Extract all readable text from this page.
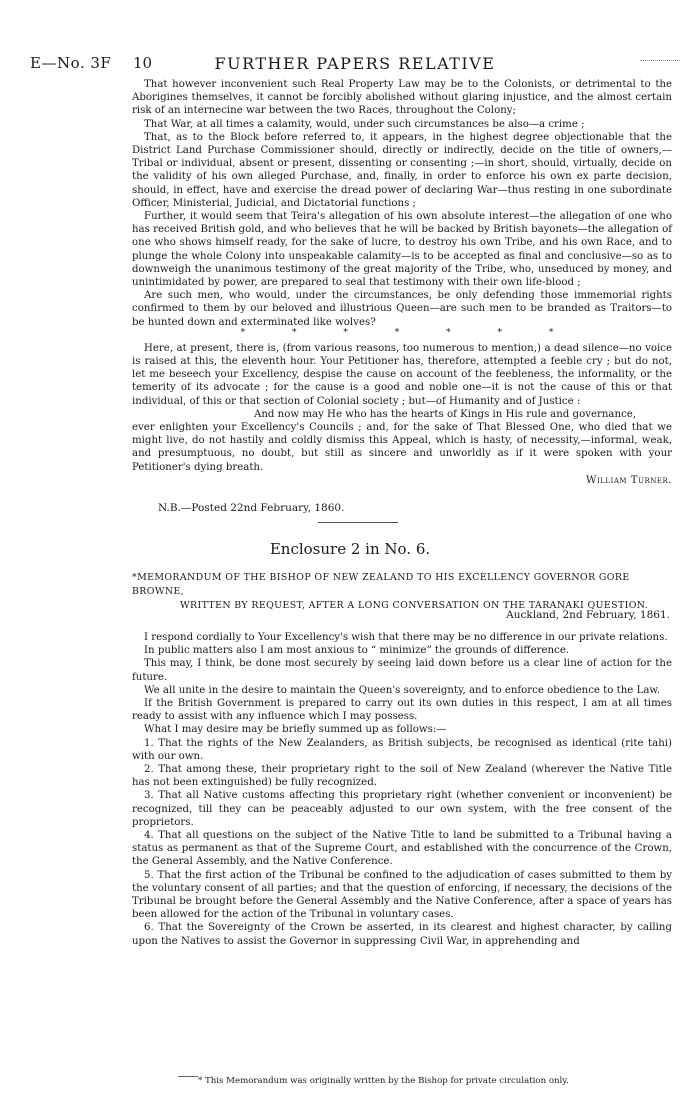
E—No. 3F 10	FURTHER PAPERS RELATIVE

That however inconvenient such Real Property Law may be to the Colonists, or detrimental to the Aborigines themselves, it cannot be forcibly abolished without glaring injustice, and the almost certain risk of an internecine war between the two Races, throughout the Colony;

That War, at all times a calamity, would, under such circumstances be also—a crime ;

That, as to the Block before referred to, it appears, in the highest degree objectionable that the District Land Purchase Commissioner should, directly or indirectly, decide on the title of owners,—Tribal or individual, absent or present, dissenting or consenting ;—in short, should, virtually, decide on the validity of his own alleged Purchase, and, finally, in order to enforce his own ex parte decision, should, in effect, have and exercise the dread power of declaring War—thus resting in one subordinate Officer, Ministerial, Judicial, and Dictatorial functions ;

Further, it would seem that Teira's allegation of his own absolute interest—the allegation of one who has received British gold, and who believes that he will be backed by British bayonets—the allegation of one who shows himself ready, for the sake of lucre, to destroy his own Tribe, and his own Race, and to plunge the whole Colony into unspeakable calamity—is to be accepted as final and conclusive—so as to downweigh the unanimous testimony of the great majority of the Tribe, who, unseduced by money, and unintimidated by power, are prepared to seal that testimony with their own life-blood ;

Are such men, who would, under the circumstances, be only defending those immemorial rights confirmed to them by our beloved and illustrious Queen—are such men to be branded as Traitors—to be hunted down and exterminated like wolves?

* * * * * * *

Here, at present, there is, (from various reasons, too numerous to mention,) a dead silence—no voice is raised at this, the eleventh hour. Your Petitioner has, therefore, attempted a feeble cry ; but do not, let me beseech your Excellency, despise the cause on account of the feebleness, the informality, or the temerity of its advocate ; for the cause is a good and noble one—it is not the cause of this or that individual, of this or that section of Colonial society ; but—of Humanity and of Justice :

And now may He who has the hearts of Kings in His rule and governance,

ever enlighten your Excellency's Councils ; and, for the sake of That Blessed One, who died that we might live, do not hastily and coldly dismiss this Appeal, which is hasty, of necessity,—informal, weak, and presumptuous, no doubt, but still as sincere and unworldly as if it were spoken with your Petitioner's dying breath.

William Turner.

N.B.—Posted 22nd February, 1860.
Enclosure 2 in No. 6.
*MEMORANDUM OF THE BISHOP OF NEW ZEALAND TO HIS EXCELLENCY GOVERNOR GORE BROWNE,
WRITTEN BY REQUEST, AFTER A LONG CONVERSATION ON THE TARANAKI QUESTION.
Auckland, 2nd February, 1861.

I respond cordially to Your Excellency's wish that there may be no difference in our private relations.

In public matters also I am most anxious to “ minimize” the grounds of difference.

This may, I think, be done most securely by seeing laid down before us a clear line of action for the future.

We all unite in the desire to maintain the Queen's sovereignty, and to enforce obedience to the Law.

If the British Government is prepared to carry out its own duties in this respect, I am at all times ready to assist with any influence which I may possess.

What I may desire may be briefly summed up as follows:—

1. That the rights of the New Zealanders, as British subjects, be recognised as identical (rite tahi) with our own.

2. That among these, their proprietary right to the soil of New Zealand (wherever the Native Title has not been extinguished) be fully recognized.

3. That all Native customs affecting this proprietary right (whether convenient or inconvenient) be recognized, till they can be peaceably adjusted to our own system, with the free consent of the proprietors.

4. That all questions on the subject of the Native Title to land be submitted to a Tribunal having a status as permanent as that of the Supreme Court, and established with the concurrence of the Crown, the General Assembly, and the Native Conference.

5. That the first action of the Tribunal be confined to the adjudication of cases submitted to them by the voluntary consent of all parties; and that the question of enforcing, if necessary, the decisions of the Tribunal be brought before the General Assembly and the Native Conference, after a space of years has been allowed for the action of the Tribunal in voluntary cases.

6. That the Sovereignty of the Crown be asserted, in its clearest and highest character, by calling upon the Natives to assist the Governor in suppressing Civil War, in apprehending and

* This Memorandum was originally written by the Bishop for private circulation only.
